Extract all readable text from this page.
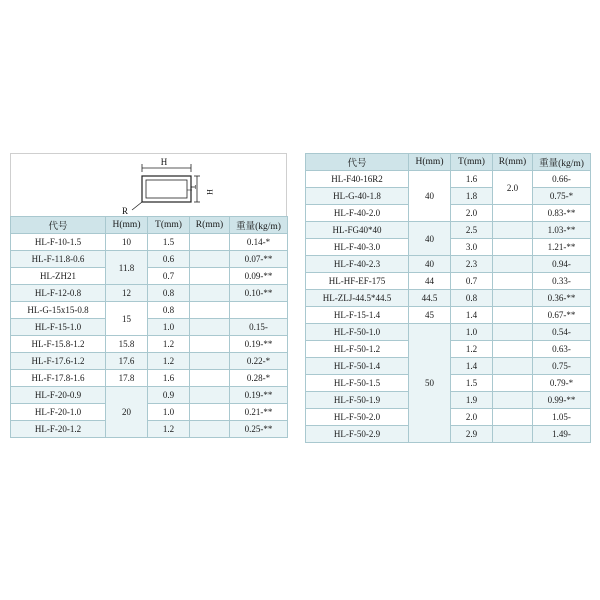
H
R
H
T
代号	H(mm)	T(mm)	R(mm)	重量(kg/m)
HL-F-10-1.5	10	1.5		0.14-*
HL-F-11.8-0.6	11.8	0.6		0.07-**
HL-ZH21		0.7		0.09-**
HL-F-12-0.8	12	0.8		0.10-**
HL-G-15x15-0.8	15	0.8		
HL-F-15-1.0		1.0		0.15-
HL-F-15.8-1.2	15.8	1.2		0.19-**
HL-F-17.6-1.2	17.6	1.2		0.22-*
HL-F-17.8-1.6	17.8	1.6		0.28-*
HL-F-20-0.9	20	0.9		0.19-**
HL-F-20-1.0		1.0		0.21-**
HL-F-20-1.2		1.2		0.25-**
代号	H(mm)	T(mm)	R(mm)	重量(kg/m)
HL-F40-16R2	40	1.6	2.0	0.66-
HL-G-40-1.8		1.8		0.75-*
HL-F-40-2.0		2.0		0.83-**
HL-FG40*40	40	2.5		1.03-**
HL-F-40-3.0		3.0		1.21-**
HL-F-40-2.3	40	2.3		0.94-
HL-HF-EF-175	44	0.7		0.33-
HL-ZLJ-44.5*44.5	44.5	0.8		0.36-**
HL-F-15-1.4	45	1.4		0.67-**
HL-F-50-1.0	50	1.0		0.54-
HL-F-50-1.2		1.2		0.63-
HL-F-50-1.4		1.4		0.75-
HL-F-50-1.5		1.5		0.79-*
HL-F-50-1.9		1.9		0.99-**
HL-F-50-2.0		2.0		1.05-
HL-F-50-2.9		2.9		1.49-
